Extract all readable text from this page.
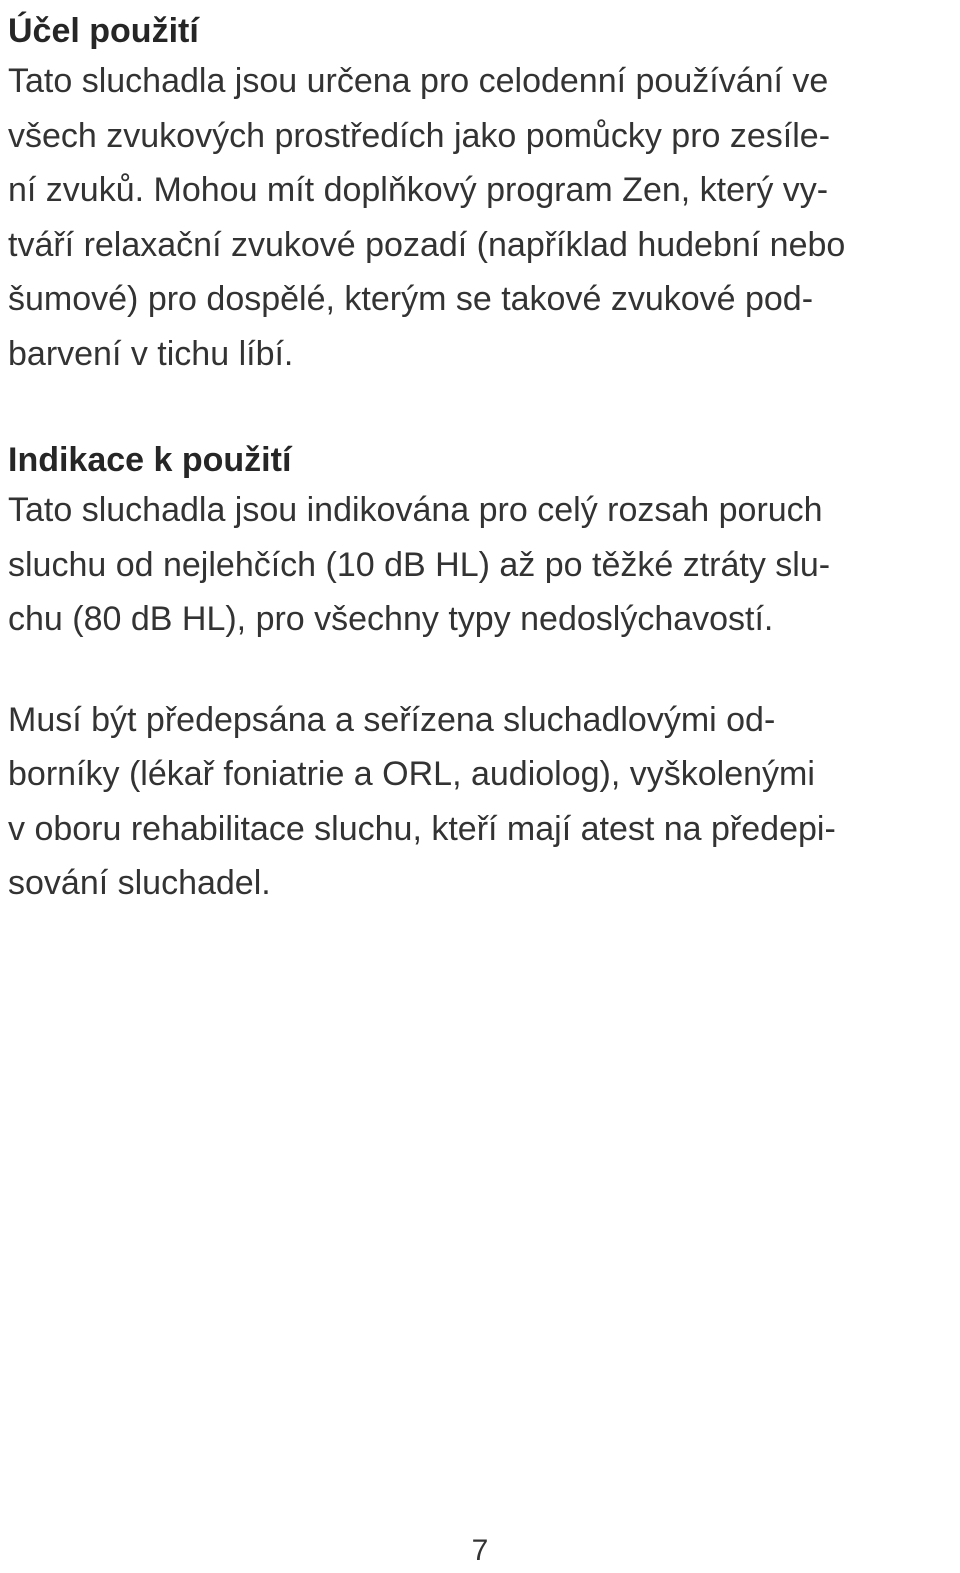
Účel použití

Tato sluchadla jsou určena pro celodenní používání ve
všech zvukových prostředích jako pomůcky pro zesíle-
ní zvuků. Mohou mít doplňkový program Zen, který vy-
tváří relaxační zvukové pozadí (například hudební nebo
šumové) pro dospělé, kterým se takové zvukové pod-
barvení v tichu líbí.

Indikace k použití

Tato sluchadla jsou indikována pro celý rozsah poruch
sluchu od nejlehčích (10 dB HL) až po těžké ztráty slu-
chu (80 dB HL), pro všechny typy nedoslýchavostí.

Musí být předepsána a seřízena sluchadlovými od-
borníky (lékař foniatrie a ORL, audiolog), vyškolenými
v oboru rehabilitace sluchu, kteří mají atest na předepi-
sování sluchadel.

7
